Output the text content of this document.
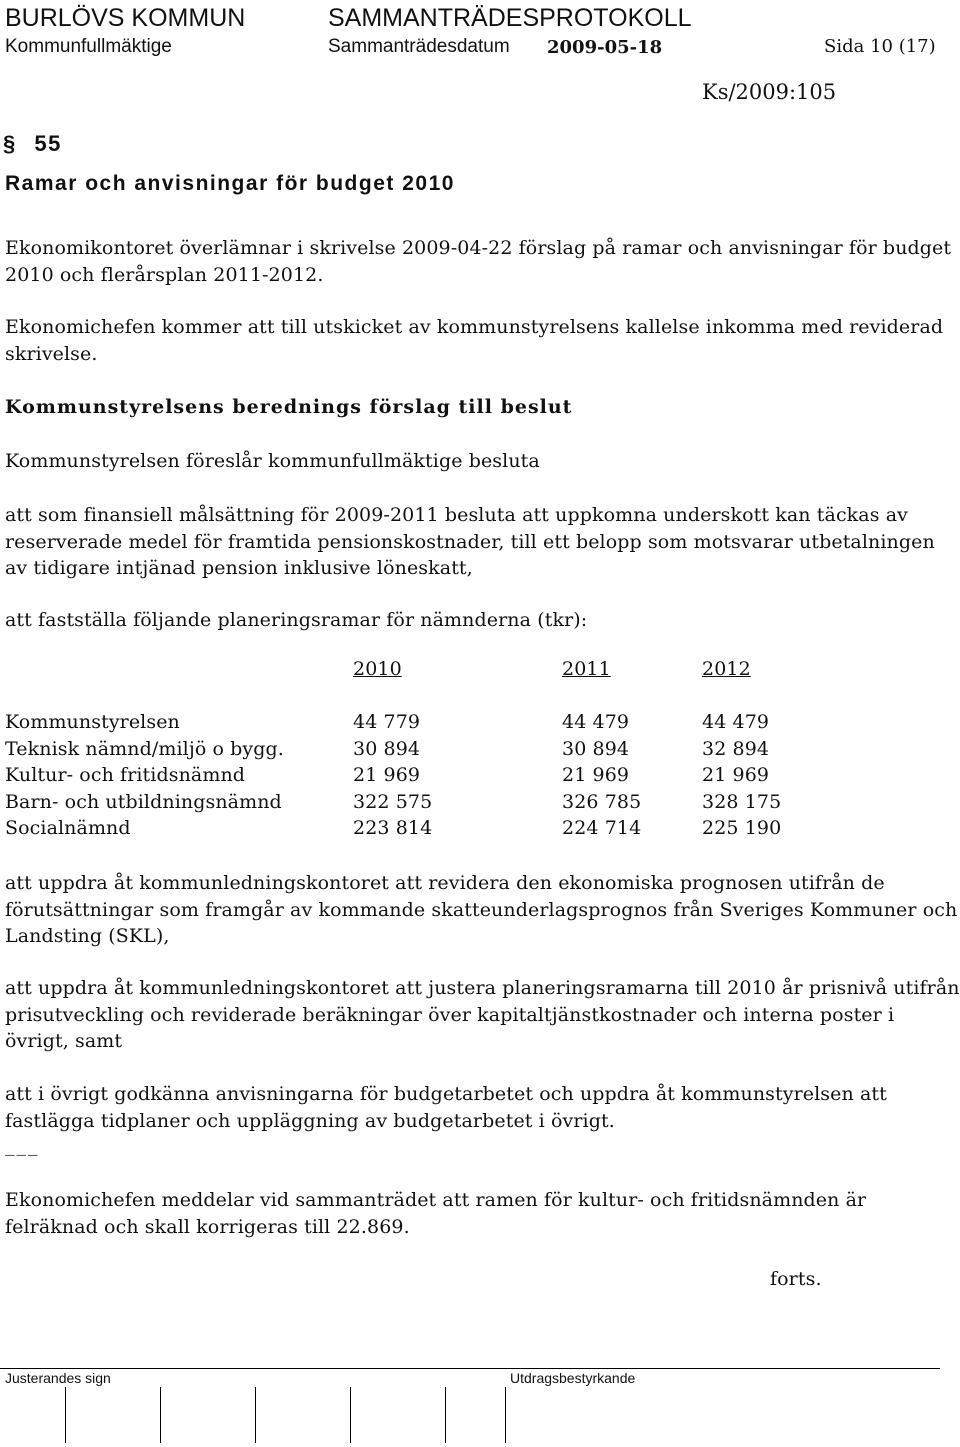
BURLÖVS KOMMUN	SAMMANTRÄDESPROTOKOLL
Kommunfullmäktige	Sammanträdesdatum 2009-05-18	Sida 10 (17)
Ks/2009:105
§ 55
Ramar och anvisningar för budget 2010

Ekonomikontoret överlämnar i skrivelse 2009-04-22 förslag på ramar och anvisningar för budget 2010 och flerårsplan 2011-2012.

Ekonomichefen kommer att till utskicket av kommunstyrelsens kallelse inkomma med reviderad skrivelse.

Kommunstyrelsens berednings förslag till beslut

Kommunstyrelsen föreslår kommunfullmäktige besluta

att som finansiell målsättning för 2009-2011 besluta att uppkomna underskott kan täckas av reserverade medel för framtida pensionskostnader, till ett belopp som motsvarar utbetalningen av tidigare intjänad pension inklusive löneskatt,

att fastställa följande planeringsramar för nämnderna (tkr):

	2010	2011	2012

Kommunstyrelsen	44 779	44 479	44 479
Teknisk nämnd/miljö o bygg.	30 894	30 894	32 894
Kultur- och fritidsnämnd	21 969	21 969	21 969
Barn- och utbildningsnämnd	322 575	326 785	328 175
Socialnämnd	223 814	224 714	225 190

att uppdra åt kommunledningskontoret att revidera den ekonomiska prognosen utifrån de förutsättningar som framgår av kommande skatteunderlagsprognos från Sveriges Kommuner och Landsting (SKL),

att uppdra åt kommunledningskontoret att justera planeringsramarna till 2010 år prisnivå utifrån prisutveckling och reviderade beräkningar över kapitaltjänstkostnader och interna poster i övrigt, samt

att i övrigt godkänna anvisningarna för budgetarbetet och uppdra åt kommunstyrelsen att fastlägga tidplaner och uppläggning av budgetarbetet i övrigt.

___

Ekonomichefen meddelar vid sammanträdet att ramen för kultur- och fritidsnämnden är felräknad och skall korrigeras till 22.869.

forts.
Justerandes sign	Utdragsbestyrkande
